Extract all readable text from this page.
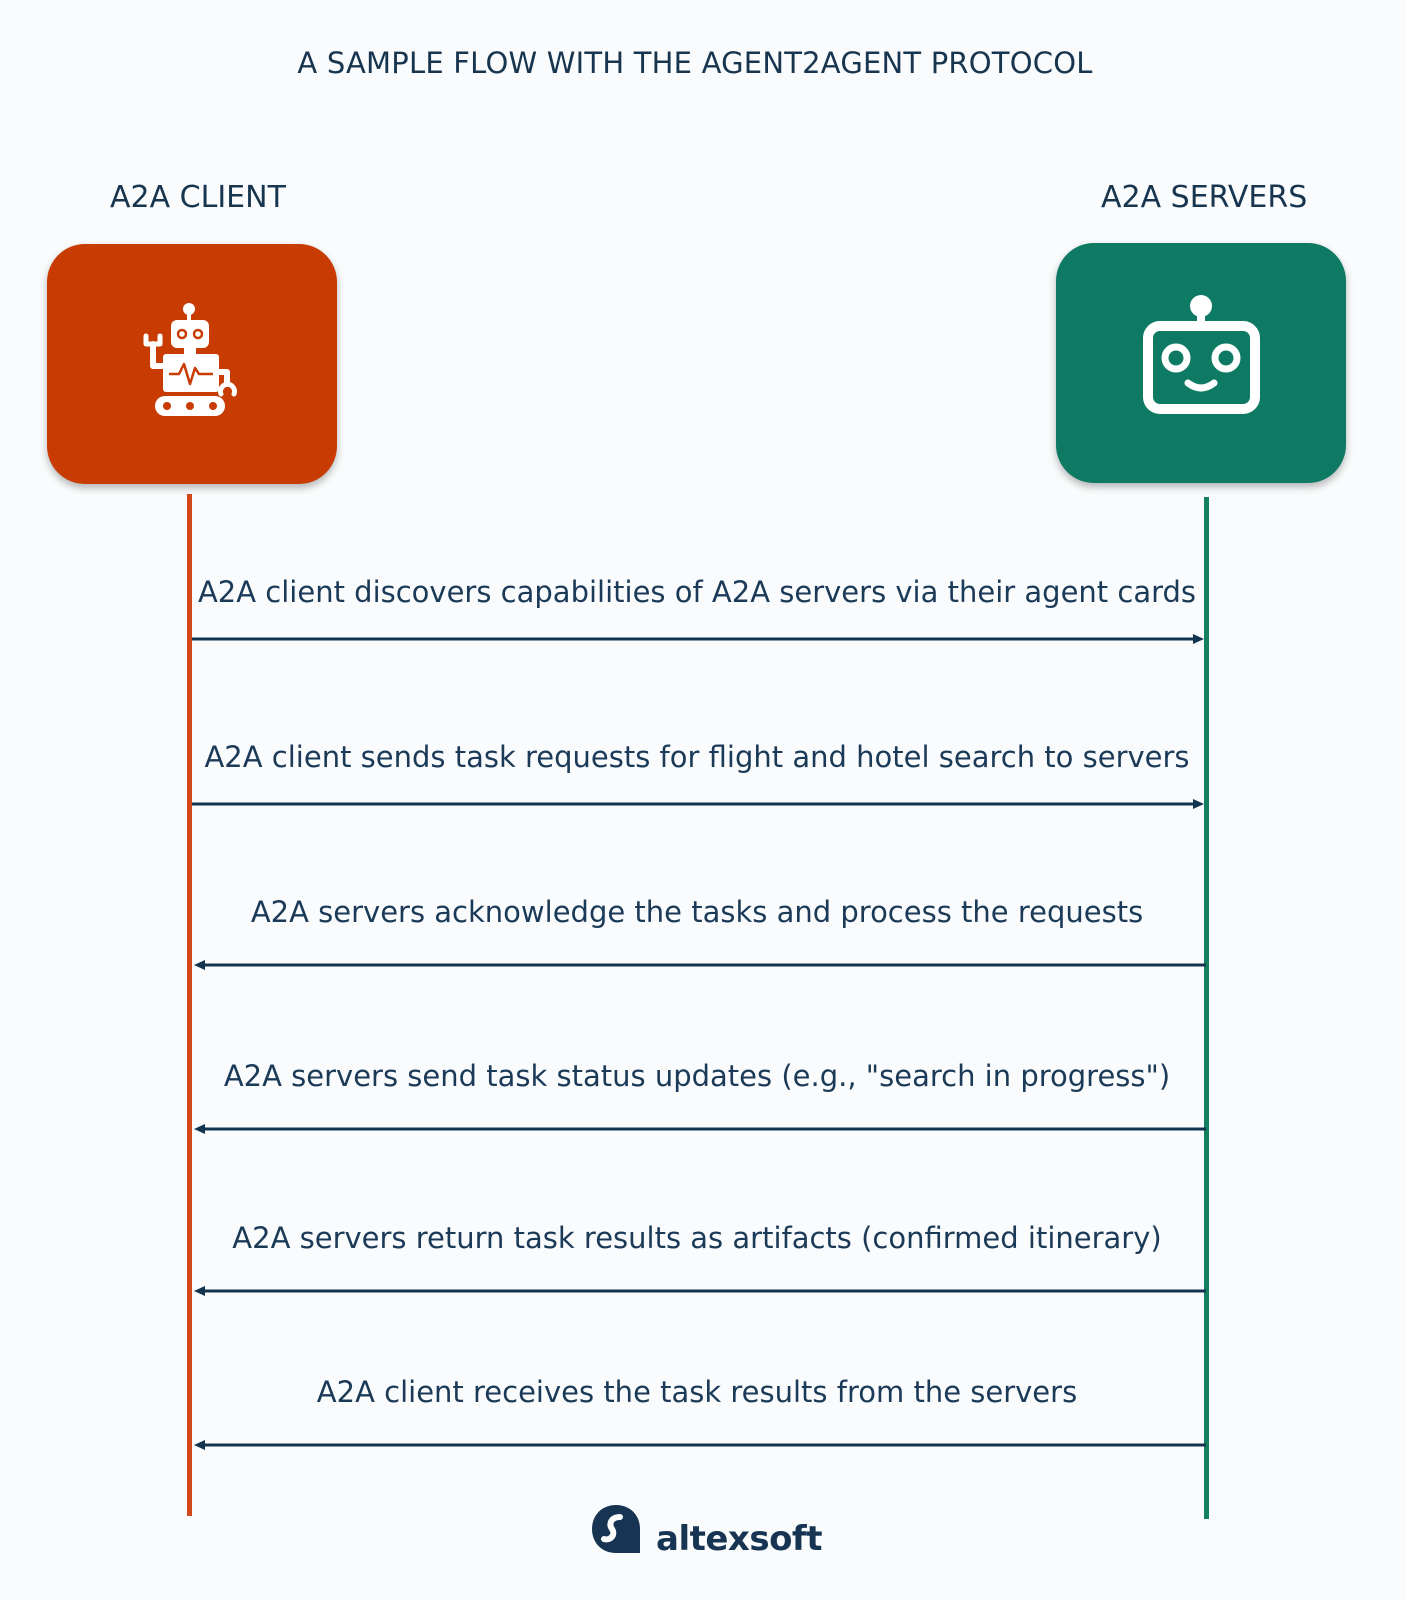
A SAMPLE FLOW WITH THE AGENT2AGENT PROTOCOL
A2A CLIENT	A2A SERVERS
A2A client discovers capabilities of A2A servers via their agent cards
A2A client sends task requests for flight and hotel search to servers
A2A servers acknowledge the tasks and process the requests
A2A servers send task status updates (e.g., "search in progress")
A2A servers return task results as artifacts (confirmed itinerary)
A2A client receives the task results from the servers
altexsoft
